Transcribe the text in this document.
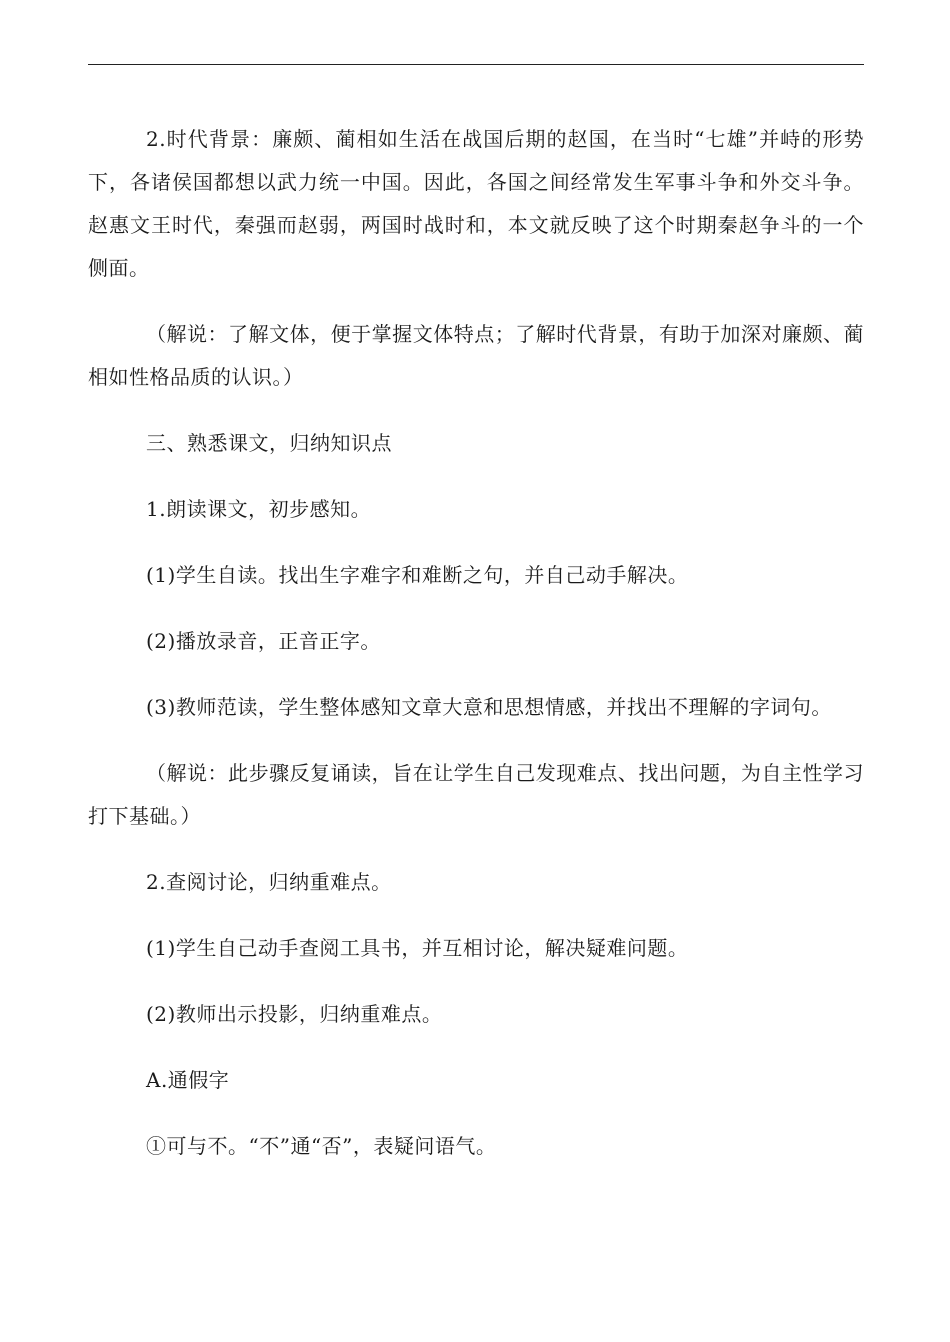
2.时代背景：廉颇、蔺相如生活在战国后期的赵国，在当时“七雄”并峙的形势下，各诸侯国都想以武力统一中国。因此，各国之间经常发生军事斗争和外交斗争。赵惠文王时代，秦强而赵弱，两国时战时和，本文就反映了这个时期秦赵争斗的一个侧面。

（解说：了解文体，便于掌握文体特点；了解时代背景，有助于加深对廉颇、蔺相如性格品质的认识。）

三、熟悉课文，归纳知识点

1.朗读课文，初步感知。

(1)学生自读。找出生字难字和难断之句，并自己动手解决。

(2)播放录音，正音正字。

(3)教师范读，学生整体感知文章大意和思想情感，并找出不理解的字词句。

（解说：此步骤反复诵读，旨在让学生自己发现难点、找出问题，为自主性学习打下基础。）

2.查阅讨论，归纳重难点。

(1)学生自己动手查阅工具书，并互相讨论，解决疑难问题。

(2)教师出示投影，归纳重难点。

A.通假字

①可与不。“不”通“否”，表疑问语气。
